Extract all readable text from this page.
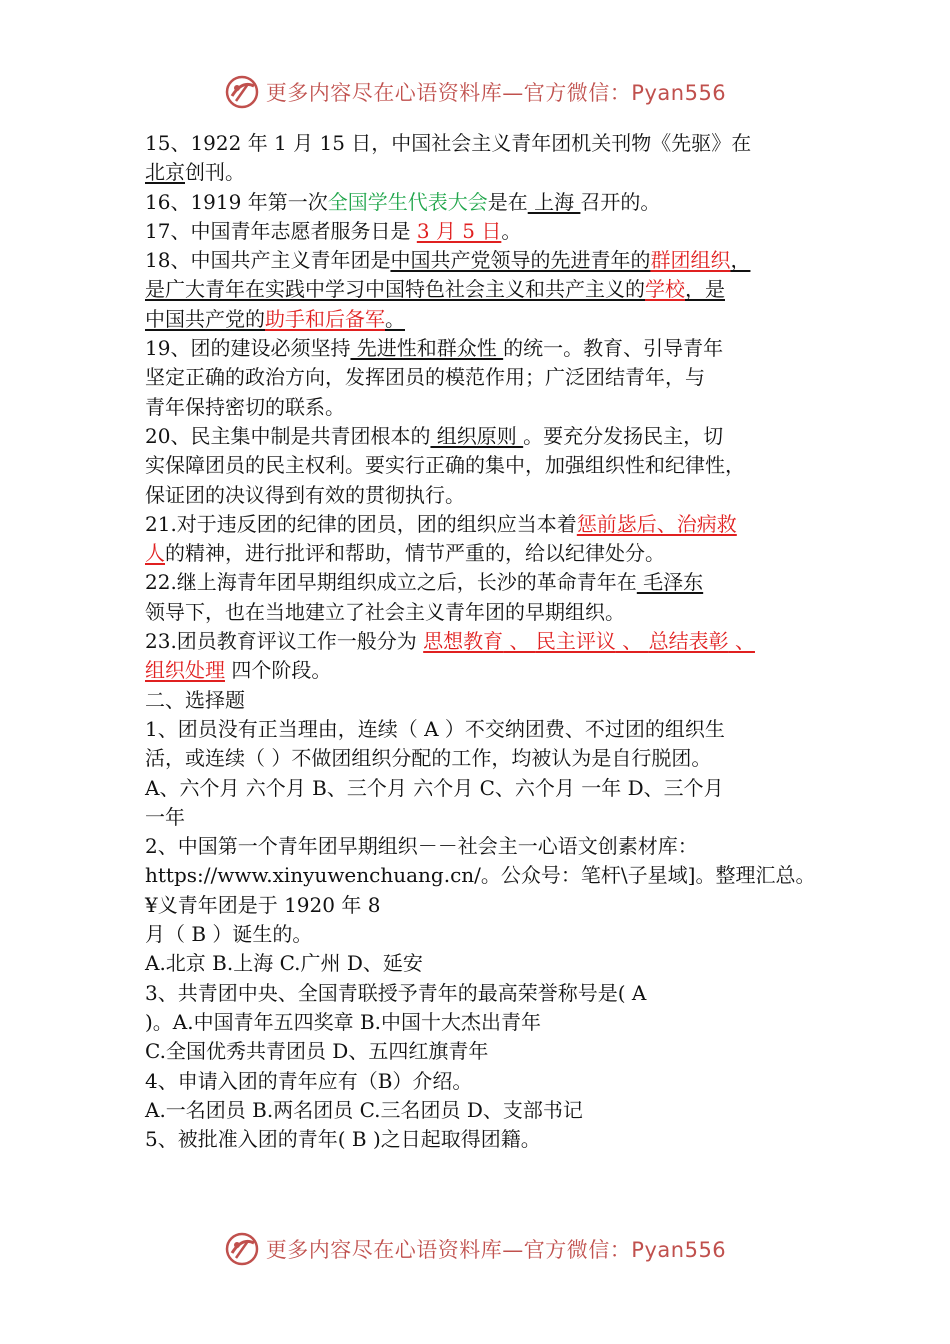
更多内容尽在心语资料库—官方微信：Pyan556
15、1922 年 1 月 15 日，中国社会主义青年团机关刊物《先驱》在
北京创刊。
16、1919 年第一次全国学生代表大会是在 上海 召开的。
17、中国青年志愿者服务日是 3 月 5 日。
18、中国共产主义青年团是中国共产党领导的先进青年的群团组织，
是广大青年在实践中学习中国特色社会主义和共产主义的学校，是
中国共产党的助手和后备军。
19、团的建设必须坚持 先进性和群众性 的统一。教育、引导青年
坚定正确的政治方向，发挥团员的模范作用；广泛团结青年，与
青年保持密切的联系。
20、民主集中制是共青团根本的 组织原则 。要充分发扬民主，切
实保障团员的民主权利。要实行正确的集中，加强组织性和纪律性，
保证团的决议得到有效的贯彻执行。
21.对于违反团的纪律的团员，团的组织应当本着惩前毖后、治病救
人的精神，进行批评和帮助，情节严重的，给以纪律处分。
22.继上海青年团早期组织成立之后，长沙的革命青年在 毛泽东
领导下，也在当地建立了社会主义青年团的早期组织。
23.团员教育评议工作一般分为 思想教育 、 民主评议 、 总结表彰 、
组织处理 四个阶段。
二、选择题
1、团员没有正当理由，连续（ A ）不交纳团费、不过团的组织生
活，或连续（ ）不做团组织分配的工作，均被认为是自行脱团。
A、六个月 六个月 B、三个月 六个月 C、六个月 一年 D、三个月
一年
2、中国第一个青年团早期组织－－社会主一心语文创素材库：
https://www.xinyuwenchuang.cn/。公众号：笔杆\子星域]。整理汇总。
¥义青年团是于 1920 年 8
月（ B ）诞生的。
A.北京 B.上海 C.广州 D、延安
3、共青团中央、全国青联授予青年的最高荣誉称号是( A
)。A.中国青年五四奖章 B.中国十大杰出青年
C.全国优秀共青团员 D、五四红旗青年
4、申请入团的青年应有（B）介绍。
A.一名团员 B.两名团员 C.三名团员 D、支部书记
5、被批准入团的青年( B )之日起取得团籍。
更多内容尽在心语资料库—官方微信：Pyan556
